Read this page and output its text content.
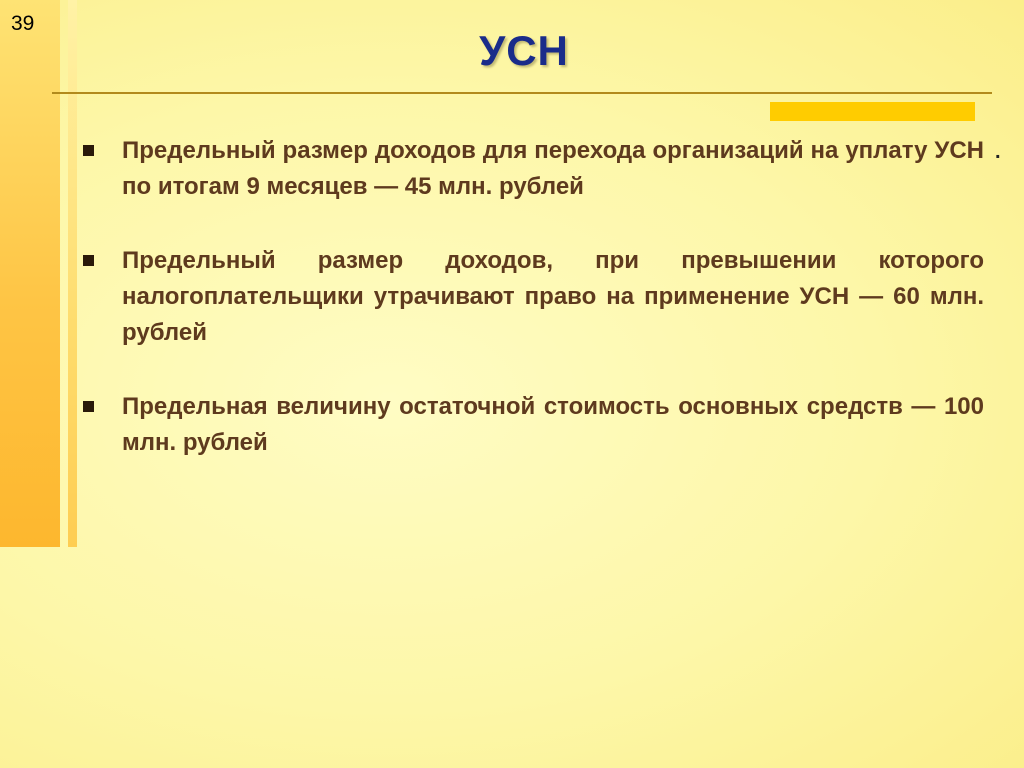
39
УСН
.
Предельный размер доходов для перехода организаций на уплату УСН по итогам 9 месяцев — 45 млн. рублей
Предельный размер доходов, при превышении которого налогоплательщики утрачивают право на применение УСН — 60 млн. рублей
Предельная величину остаточной стоимость основных средств — 100 млн. рублей
